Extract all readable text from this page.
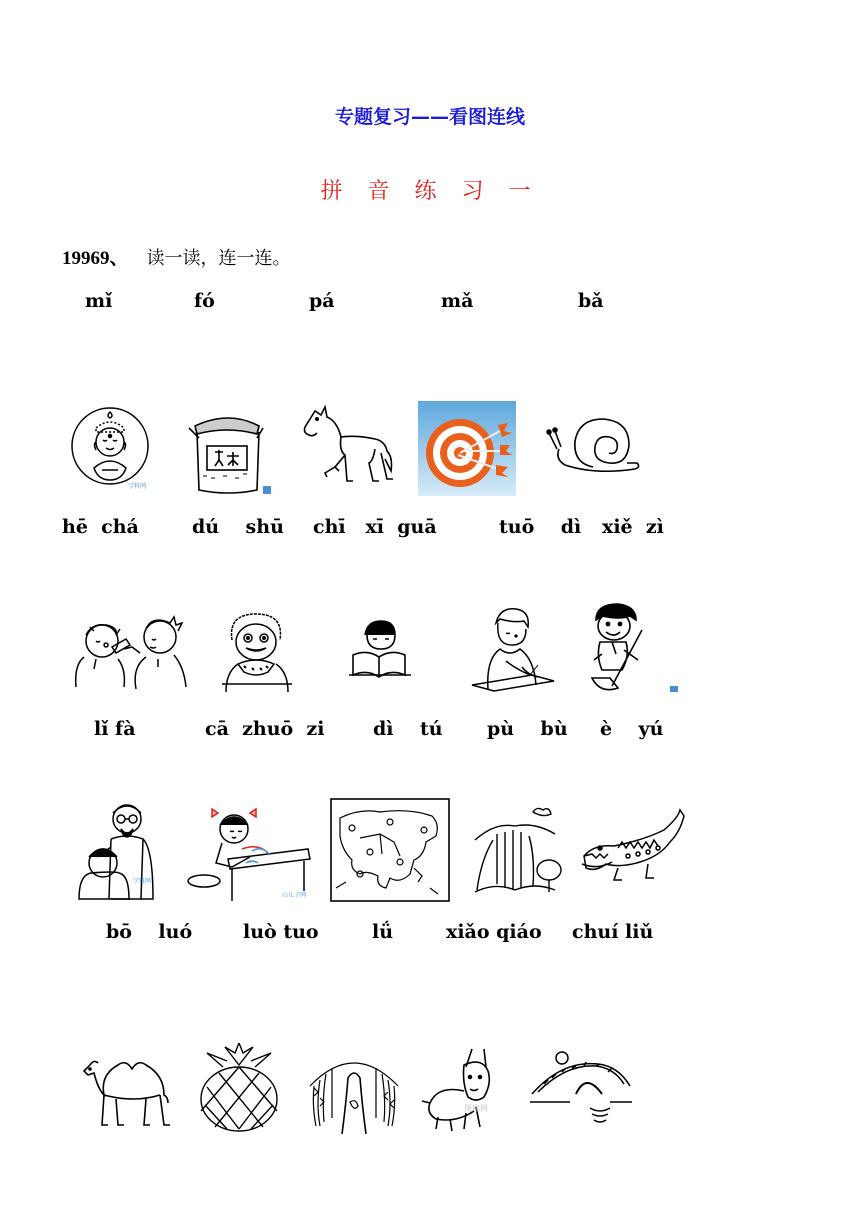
专题复习——看图连线
拼 音 练 习 一
19969、 读一读，连一连。
mǐ	fó	pá	mǎ	bǎ
学科网
hē  chá	dú    shū chī   xī  guā	tuō    dì xiě  zì
lǐ fà	cā  zhuō  zi	dì    tú pù    bù è    yú
学科网
山儿子网
bō    luó	luò tuo	lǘ	xiǎo qiáo chuí liǔ
图库网
